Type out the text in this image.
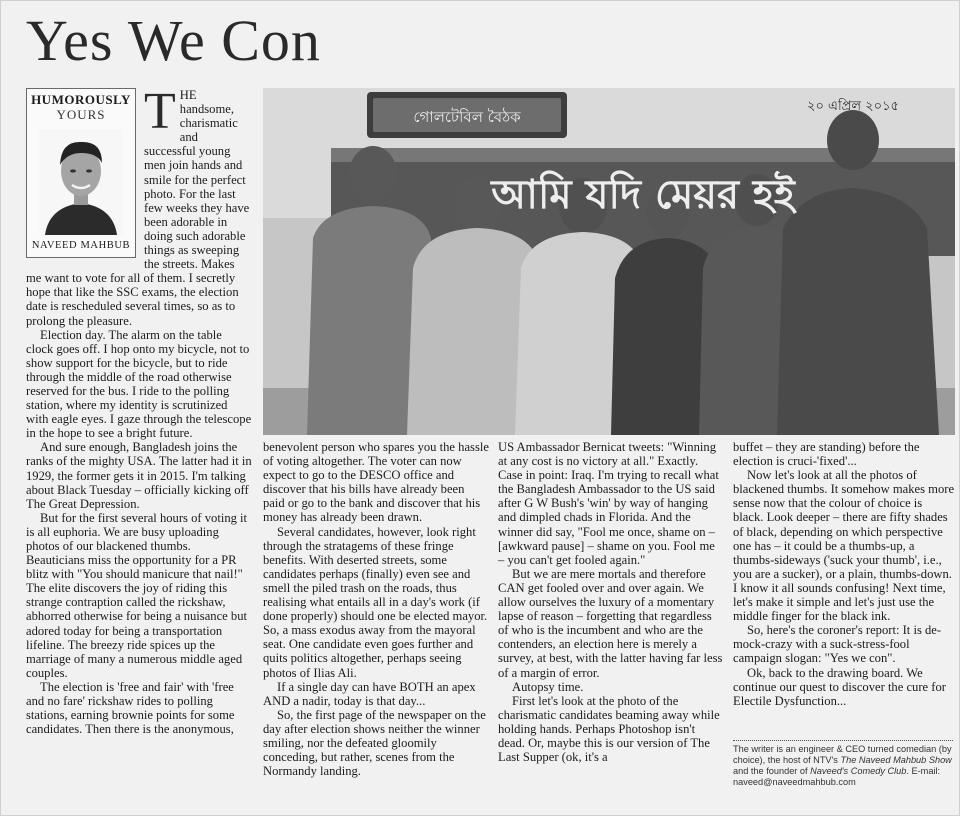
Yes We Con
HUMOROUSLY
YOURS
NAVEED MAHBUB
T HE handsome, charismatic and successful young men join hands and smile for the perfect photo. For the last few weeks they have been adorable in doing such adorable things as sweeping the streets. Makes me want to vote for all of them. I secretly hope that like the SSC exams, the election date is rescheduled several times, so as to prolong the pleasure.

Election day. The alarm on the table clock goes off. I hop onto my bicycle, not to show support for the bicycle, but to ride through the middle of the road otherwise reserved for the bus. I ride to the polling station, where my identity is scrutinized with eagle eyes. I gaze through the telescope in the hope to see a bright future.

And sure enough, Bangladesh joins the ranks of the mighty USA. The latter had it in 1929, the former gets it in 2015. I'm talking about Black Tuesday – officially kicking off The Great Depression.

But for the first several hours of voting it is all euphoria. We are busy uploading photos of our blackened thumbs. Beauticians miss the opportunity for a PR blitz with "You should manicure that nail!" The elite discovers the joy of riding this strange contraption called the rickshaw, abhorred otherwise for being a nuisance but adored today for being a transportation lifeline. The breezy ride spices up the marriage of many a numerous middle aged couples.

The election is 'free and fair' with 'free and no fare' rickshaw rides to polling stations, earning brownie points for some candidates. Then there is the anonymous,

গোলটেবিল বৈঠক
২০ এপ্রিল ২০১৫
আমি যদি মেয়র হই

benevolent person who spares you the hassle of voting altogether. The voter can now expect to go to the DESCO office and discover that his bills have already been paid or go to the bank and discover that his money has already been drawn.

Several candidates, however, look right through the stratagems of these fringe benefits. With deserted streets, some candidates perhaps (finally) even see and smell the piled trash on the roads, thus realising what entails all in a day's work (if done properly) should one be elected mayor. So, a mass exodus away from the mayoral seat. One candidate even goes further and quits politics altogether, perhaps seeing photos of Ilias Ali.

If a single day can have BOTH an apex AND a nadir, today is that day...

So, the first page of the newspaper on the day after election shows neither the winner smiling, nor the defeated gloomily conceding, but rather, scenes from the Normandy landing.

US Ambassador Bernicat tweets: "Winning at any cost is no victory at all." Exactly. Case in point: Iraq. I'm trying to recall what the Bangladesh Ambassador to the US said after G W Bush's 'win' by way of hanging and dimpled chads in Florida. And the winner did say, "Fool me once, shame on – [awkward pause] – shame on you. Fool me – you can't get fooled again."

But we are mere mortals and therefore CAN get fooled over and over again. We allow ourselves the luxury of a momentary lapse of reason – forgetting that regardless of who is the incumbent and who are the contenders, an election here is merely a survey, at best, with the latter having far less of a margin of error.

Autopsy time.

First let's look at the photo of the charismatic candidates beaming away while holding hands. Perhaps Photoshop isn't dead. Or, maybe this is our version of The Last Supper (ok, it's a

buffet – they are standing) before the election is cruci-'fixed'...

Now let's look at all the photos of blackened thumbs. It somehow makes more sense now that the colour of choice is black. Look deeper – there are fifty shades of black, depending on which perspective one has – it could be a thumbs-up, a thumbs-sideways ('suck your thumb', i.e., you are a sucker), or a plain, thumbs-down. I know it all sounds confusing! Next time, let's make it simple and let's just use the middle finger for the black ink.

So, here's the coroner's report: It is de-mock-crazy with a suck-stress-fool campaign slogan: "Yes we con".

Ok, back to the drawing board. We continue our quest to discover the cure for Electile Dysfunction...

The writer is an engineer & CEO turned comedian (by choice), the host of NTV's The Naveed Mahbub Show and the founder of Naveed's Comedy Club. E-mail: naveed@naveedmahbub.com
